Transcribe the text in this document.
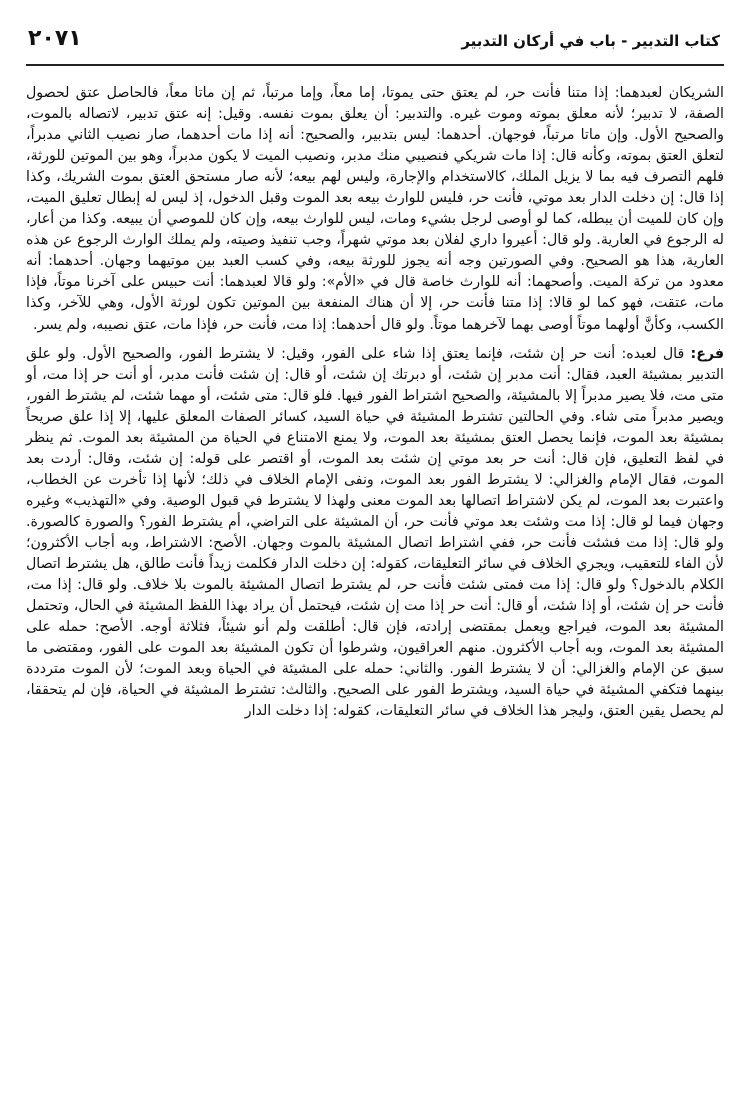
كتاب التدبير - باب في أركان التدبير
٢٠٧١

الشريكان لعبدهما: إذا متنا فأنت حر، لم يعتق حتى يموتا، إما معاً، وإما مرتباً، ثم إن ماتا معاً، فالحاصل عتق لحصول الصفة، لا تدبير؛ لأنه معلق بموته وموت غيره. والتدبير: أن يعلق بموت نفسه. وقيل: إنه عتق تدبير، لاتصاله بالموت، والصحيح الأول. وإن ماتا مرتباً، فوجهان. أحدهما: ليس بتدبير، والصحيح: أنه إذا مات أحدهما، صار نصيب الثاني مدبراً، لتعلق العتق بموته، وكأنه قال: إذا مات شريكي فنصيبي منك مدبر، ونصيب الميت لا يكون مدبراً، وهو بين الموتين للورثة، فلهم التصرف فيه بما لا يزيل الملك، كالاستخدام والإجارة، وليس لهم بيعه؛ لأنه صار مستحق العتق بموت الشريك، وكذا إذا قال: إن دخلت الدار بعد موتي، فأنت حر، فليس للوارث بيعه بعد الموت وقبل الدخول، إذ ليس له إبطال تعليق الميت، وإن كان للميت أن يبطله، كما لو أوصى لرجل بشيء ومات، ليس للوارث بيعه، وإن كان للموصي أن يبيعه. وكذا من أعار، له الرجوع في العارية. ولو قال: أعيروا داري لفلان بعد موتي شهراً، وجب تنفيذ وصيته، ولم يملك الوارث الرجوع عن هذه العارية، هذا هو الصحيح. وفي الصورتين وجه أنه يجوز للورثة بيعه، وفي كسب العبد بين موتيهما وجهان. أحدهما: أنه معدود من تركة الميت. وأصحهما: أنه للوارث خاصة قال في «الأم»: ولو قالا لعبدهما: أنت حبيس على آخرنا موتاً، فإذا مات، عتقت، فهو كما لو قالا: إذا متنا فأنت حر، إلا أن هناك المنفعة بين الموتين تكون لورثة الأول، وهي للآخر، وكذا الكسب، وكأنَّ أولهما موتاً أوصى بهما لآخرهما موتاً. ولو قال أحدهما: إذا مت، فأنت حر، فإذا مات، عتق نصيبه، ولم يسر.

فرع: قال لعبده: أنت حر إن شئت، فإنما يعتق إذا شاء على الفور، وقيل: لا يشترط الفور، والصحيح الأول. ولو علق التدبير بمشيئة العبد، فقال: أنت مدبر إن شئت، أو دبرتك إن شئت، أو قال: إن شئت فأنت مدبر، أو أنت حر إذا مت، أو متى مت، فلا يصير مدبراً إلا بالمشيئة، والصحيح اشتراط الفور فيها. فلو قال: متى شئت، أو مهما شئت، لم يشترط الفور، ويصير مدبراً متى شاء. وفي الحالتين تشترط المشيئة في حياة السيد، كسائر الصفات المعلق عليها، إلا إذا علق صريحاً بمشيئة بعد الموت، فإنما يحصل العتق بمشيئة بعد الموت، ولا يمنع الامتناع في الحياة من المشيئة بعد الموت. ثم ينظر في لفظ التعليق، فإن قال: أنت حر بعد موتي إن شئت بعد الموت، أو اقتصر على قوله: إن شئت، وقال: أردت بعد الموت، فقال الإمام والغزالي: لا يشترط الفور بعد الموت، ونفى الإمام الخلاف في ذلك؛ لأنها إذا تأخرت عن الخطاب، واعتبرت بعد الموت، لم يكن لاشتراط اتصالها بعد الموت معنى ولهذا لا يشترط في قبول الوصية. وفي «التهذيب» وغيره وجهان فيما لو قال: إذا مت وشئت بعد موتي فأنت حر، أن المشيئة على التراضي، أم يشترط الفور؟ والصورة كالصورة. ولو قال: إذا مت فشئت فأنت حر، ففي اشتراط اتصال المشيئة بالموت وجهان. الأصح: الاشتراط، وبه أجاب الأكثرون؛ لأن الفاء للتعقيب، ويجري الخلاف في سائر التعليقات، كقوله: إن دخلت الدار فكلمت زيداً فأنت طالق، هل يشترط اتصال الكلام بالدخول؟ ولو قال: إذا مت فمتى شئت فأنت حر، لم يشترط اتصال المشيئة بالموت بلا خلاف. ولو قال: إذا مت، فأنت حر إن شئت، أو إذا شئت، أو قال: أنت حر إذا مت إن شئت، فيحتمل أن يراد بهذا اللفظ المشيئة في الحال، وتحتمل المشيئة بعد الموت، فيراجع ويعمل بمقتضى إرادته، فإن قال: أطلقت ولم أنو شيئاً، فثلاثة أوجه. الأصح: حمله على المشيئة بعد الموت، وبه أجاب الأكثرون. منهم العراقيون، وشرطوا أن تكون المشيئة بعد الموت على الفور، ومقتضى ما سبق عن الإمام والغزالي: أن لا يشترط الفور. والثاني: حمله على المشيئة في الحياة وبعد الموت؛ لأن الموت مترددة بينهما فتكفي المشيئة في حياة السيد، ويشترط الفور على الصحيح. والثالث: تشترط المشيئة في الحياة، فإن لم يتحققا، لم يحصل يقين العتق، وليجر هذا الخلاف في سائر التعليقات، كقوله: إذا دخلت الدار
